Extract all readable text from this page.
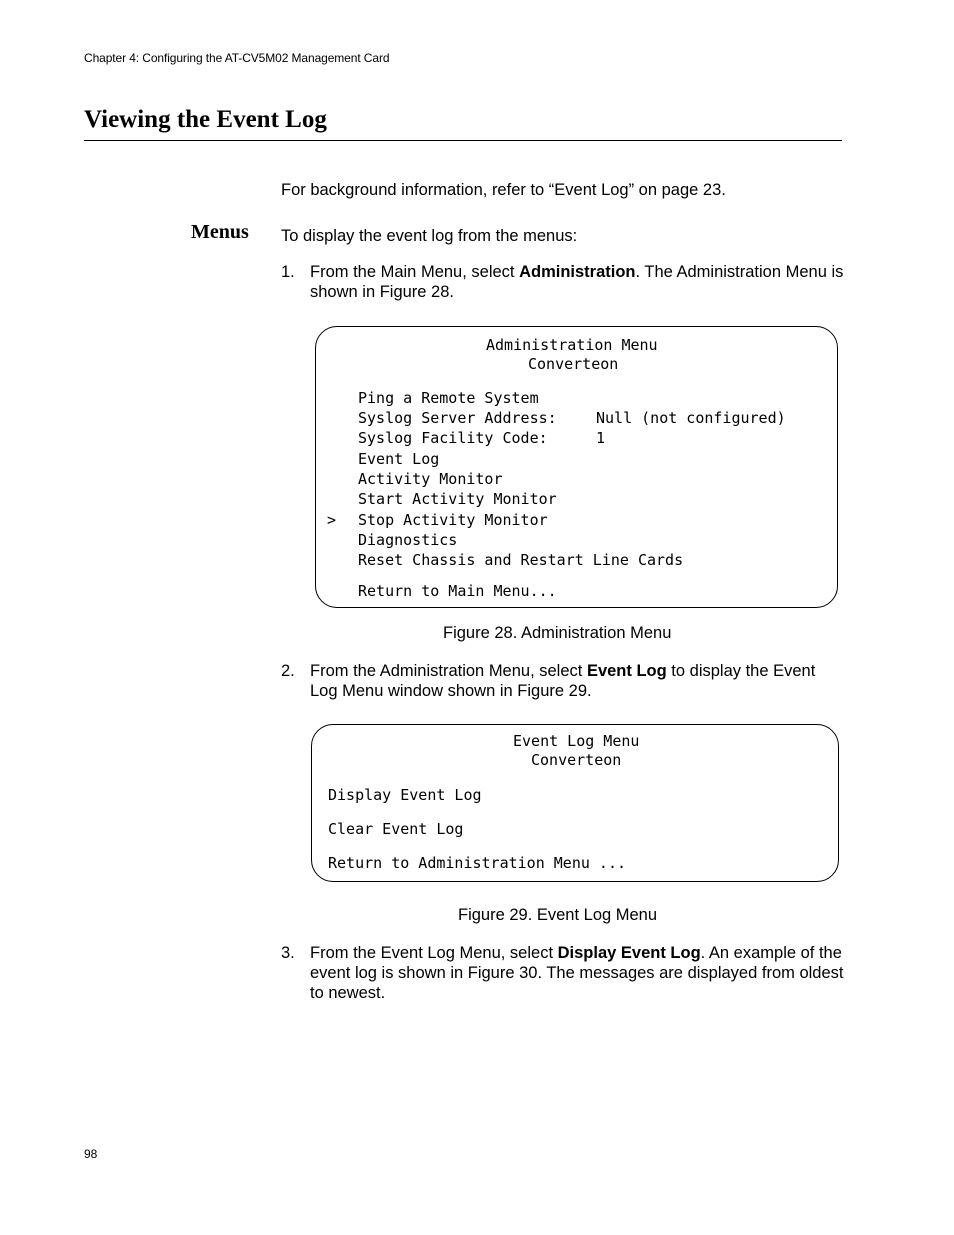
Chapter 4: Configuring the AT-CV5M02 Management Card
Viewing the Event Log
For background information, refer to “Event Log” on page 23.
Menus To display the event log from the menus:
1. From the Main Menu, select Administration. The Administration Menu is shown in Figure 28.
Administration Menu
Converteon
Ping a Remote System
Syslog Server Address:	Null (not configured)
Syslog Facility Code:	1
Event Log
Activity Monitor
Start Activity Monitor
> Stop Activity Monitor
Diagnostics
Reset Chassis and Restart Line Cards
Return to Main Menu...
Figure 28. Administration Menu
2. From the Administration Menu, select Event Log to display the Event Log Menu window shown in Figure 29.
Event Log Menu
Converteon
Display Event Log
Clear Event Log
Return to Administration Menu ...
Figure 29. Event Log Menu
3. From the Event Log Menu, select Display Event Log. An example of the event log is shown in Figure 30. The messages are displayed from oldest to newest.
98
